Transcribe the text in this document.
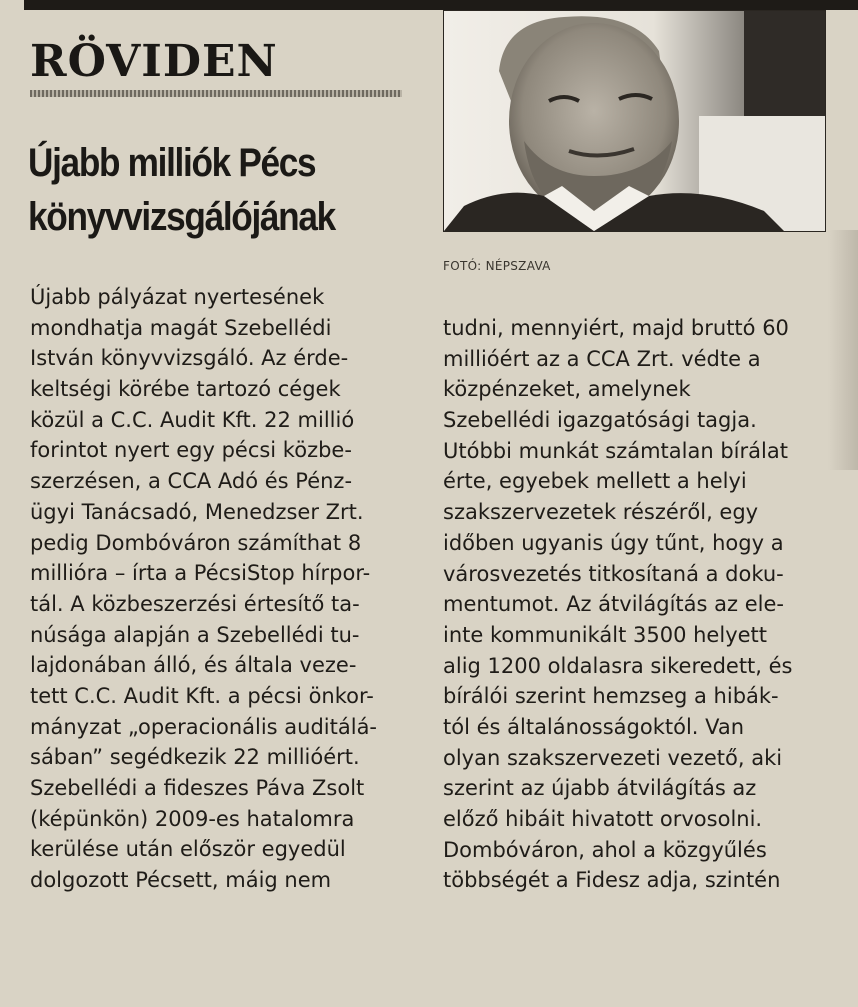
RÖVIDEN
Újabb milliók Pécs
könyvvizsgálójának
FOTÓ: NÉPSZAVA
Újabb pályázat nyertesének
mondhatja magát Szebellédi
István könyvvizsgáló. Az érde-
keltségi körébe tartozó cégek
közül a C.C. Audit Kft. 22 millió
forintot nyert egy pécsi közbe-
szerzésen, a CCA Adó és Pénz-
ügyi Tanácsadó, Menedzser Zrt.
pedig Dombóváron számíthat 8
millióra – írta a PécsiStop hírpor-
tál. A közbeszerzési értesítő ta-
núsága alapján a Szebellédi tu-
lajdonában álló, és általa veze-
tett C.C. Audit Kft. a pécsi önkor-
mányzat „operacionális auditálá-
sában” segédkezik 22 millióért.
Szebellédi a fideszes Páva Zsolt
(képünkön) 2009-es hatalomra
kerülése után először egyedül
dolgozott Pécsett, máig nem
tudni, mennyiért, majd bruttó 60
millióért az a CCA Zrt. védte a
közpénzeket, amelynek
Szebellédi igazgatósági tagja.
Utóbbi munkát számtalan bírálat
érte, egyebek mellett a helyi
szakszervezetek részéről, egy
időben ugyanis úgy tűnt, hogy a
városvezetés titkosítaná a doku-
mentumot. Az átvilágítás az ele-
inte kommunikált 3500 helyett
alig 1200 oldalasra sikeredett, és
bírálói szerint hemzseg a hibák-
tól és általánosságoktól. Van
olyan szakszervezeti vezető, aki
szerint az újabb átvilágítás az
előző hibáit hivatott orvosolni.
Dombóváron, ahol a közgyűlés
többségét a Fidesz adja, szintén
